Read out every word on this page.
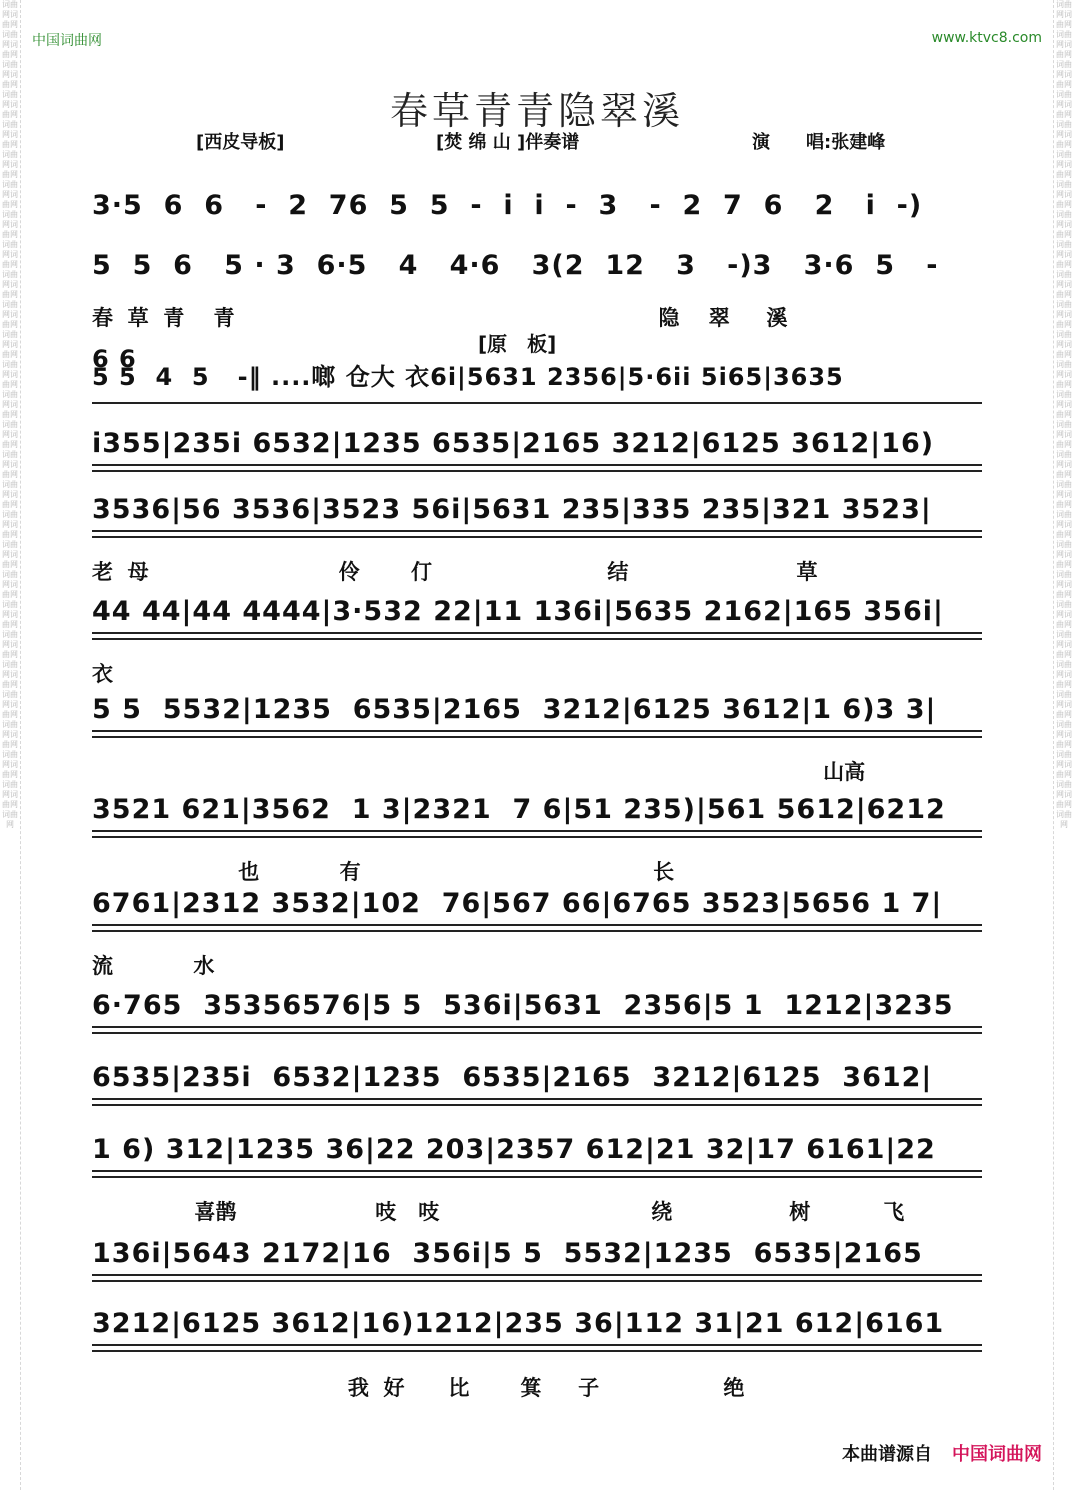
词曲网词曲网词曲网词曲网词曲网词曲网词曲网词曲网词曲网词曲网词曲网词曲网词曲网词曲网词曲网词曲网词曲网词曲网词曲网词曲网词曲网词曲网词曲网词曲网词曲网词曲网词曲网词曲网词曲网词曲网词曲网词曲网词曲网词曲网词曲网词曲网词曲网词曲网词曲网词曲网词曲网词曲网词曲网词曲网词曲网词曲网词曲网词曲网词曲网词曲网词曲网词曲网词曲网词曲网词曲网
词曲网词曲网词曲网词曲网词曲网词曲网词曲网词曲网词曲网词曲网词曲网词曲网词曲网词曲网词曲网词曲网词曲网词曲网词曲网词曲网词曲网词曲网词曲网词曲网词曲网词曲网词曲网词曲网词曲网词曲网词曲网词曲网词曲网词曲网词曲网词曲网词曲网词曲网词曲网词曲网词曲网词曲网词曲网词曲网词曲网词曲网词曲网词曲网词曲网词曲网词曲网词曲网词曲网词曲网词曲网
中国词曲网	www.ktvc8.com
春草青青隐翠溪
[西皮导板]	[焚 绵 山 ]伴奏谱	演　　唱:张建峰
3·5  6  6   -  2  76  5  5  -  i  i  -  3   -  2  7  6   2   i  -)
5  5  6   5 · 3  6·5   4   4·6   3(2  12   3   -)3   3·6  5   -
春  草  青    青                                                          隐    翠     溪
[原　板]
6 6
5 5  4  5   -‖ ....啷 仓大 衣6i|5631 2356|5·6ii 5i65|3635
i355|235i 6532|1235 6535|2165 3212|6125 3612|16)
3536|56 3536|3523 56i|5631 235|335 235|321 3523|
老  母                          伶       仃                        结                       草
44 44|44 4444|3·532 22|11 136i|5635 2162|165 356i|
衣
5 5  5532|1235  6535|2165  3212|6125 3612|1 6)3 3|
山高
3521 621|3562  1 3|2321  7 6|51 235)|561 5612|6212
也           有                                        长
6761|2312 3532|102  76|567 66|6765 3523|5656 1 7|
流           水
6·765  35356576|5 5  536i|5631  2356|5 1  1212|3235
6535|235i  6532|1235  6535|2165  3212|6125  3612|
1 6) 312|1235 36|22 203|2357 612|21 32|17 6161|22
喜鹊                   吱   吱                             绕                树          飞
136i|5643 2172|16  356i|5 5  5532|1235  6535|2165
3212|6125 3612|16)1212|235 36|112 31|21 612|6161
我  好      比       箕     子                 绝
本曲谱源自 中国词曲网
